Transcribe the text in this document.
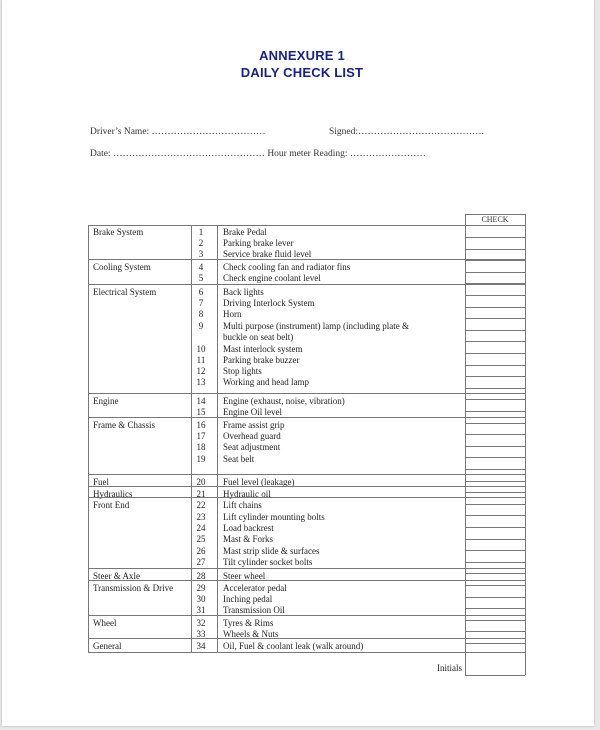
ANNEXURE 1
DAILY CHECK LIST
Driver’s Name: ………………………………	Signed:………………………………….
Date: ………………………………………… Hour meter Reading: ……………………
CHECK
Initials
Brake System	1	Brake Pedal
2	Parking brake lever
3	Service brake fluid level
Cooling System	4	Check cooling fan and radiator fins
5	Check engine coolant level
Electrical System	6	Back lights
7	Driving Interlock System
8	Horn
9	Multi purpose (instrument) lamp (including plate &
buckle on seat belt)
10	Mast interlock system
11	Parking brake buzzer
12	Stop lights
13	Working and head lamp
Engine	14	Engine (exhaust, noise, vibration)
15	Engine Oil level
Frame & Chassis	16	Frame assist grip
17	Overhead guard
18	Seat adjustment
19	Seat belt
Fuel	20	Fuel level (leakage)
Hydraulics	21	Hydraulic oil
Front End	22	Lift chains
23	Lift cylinder mounting bolts
24	Load backrest
25	Mast & Forks
26	Mast strip slide & surfaces
27	Tilt cylinder socket bolts
Steer & Axle	28	Steer wheel
Transmission & Drive	29	Accelerator pedal
30	Inching pedal
31	Transmission Oil
Wheel	32	Tyres & Rims
33	Wheels & Nuts
General	34	Oil, Fuel & coolant leak (walk around)
